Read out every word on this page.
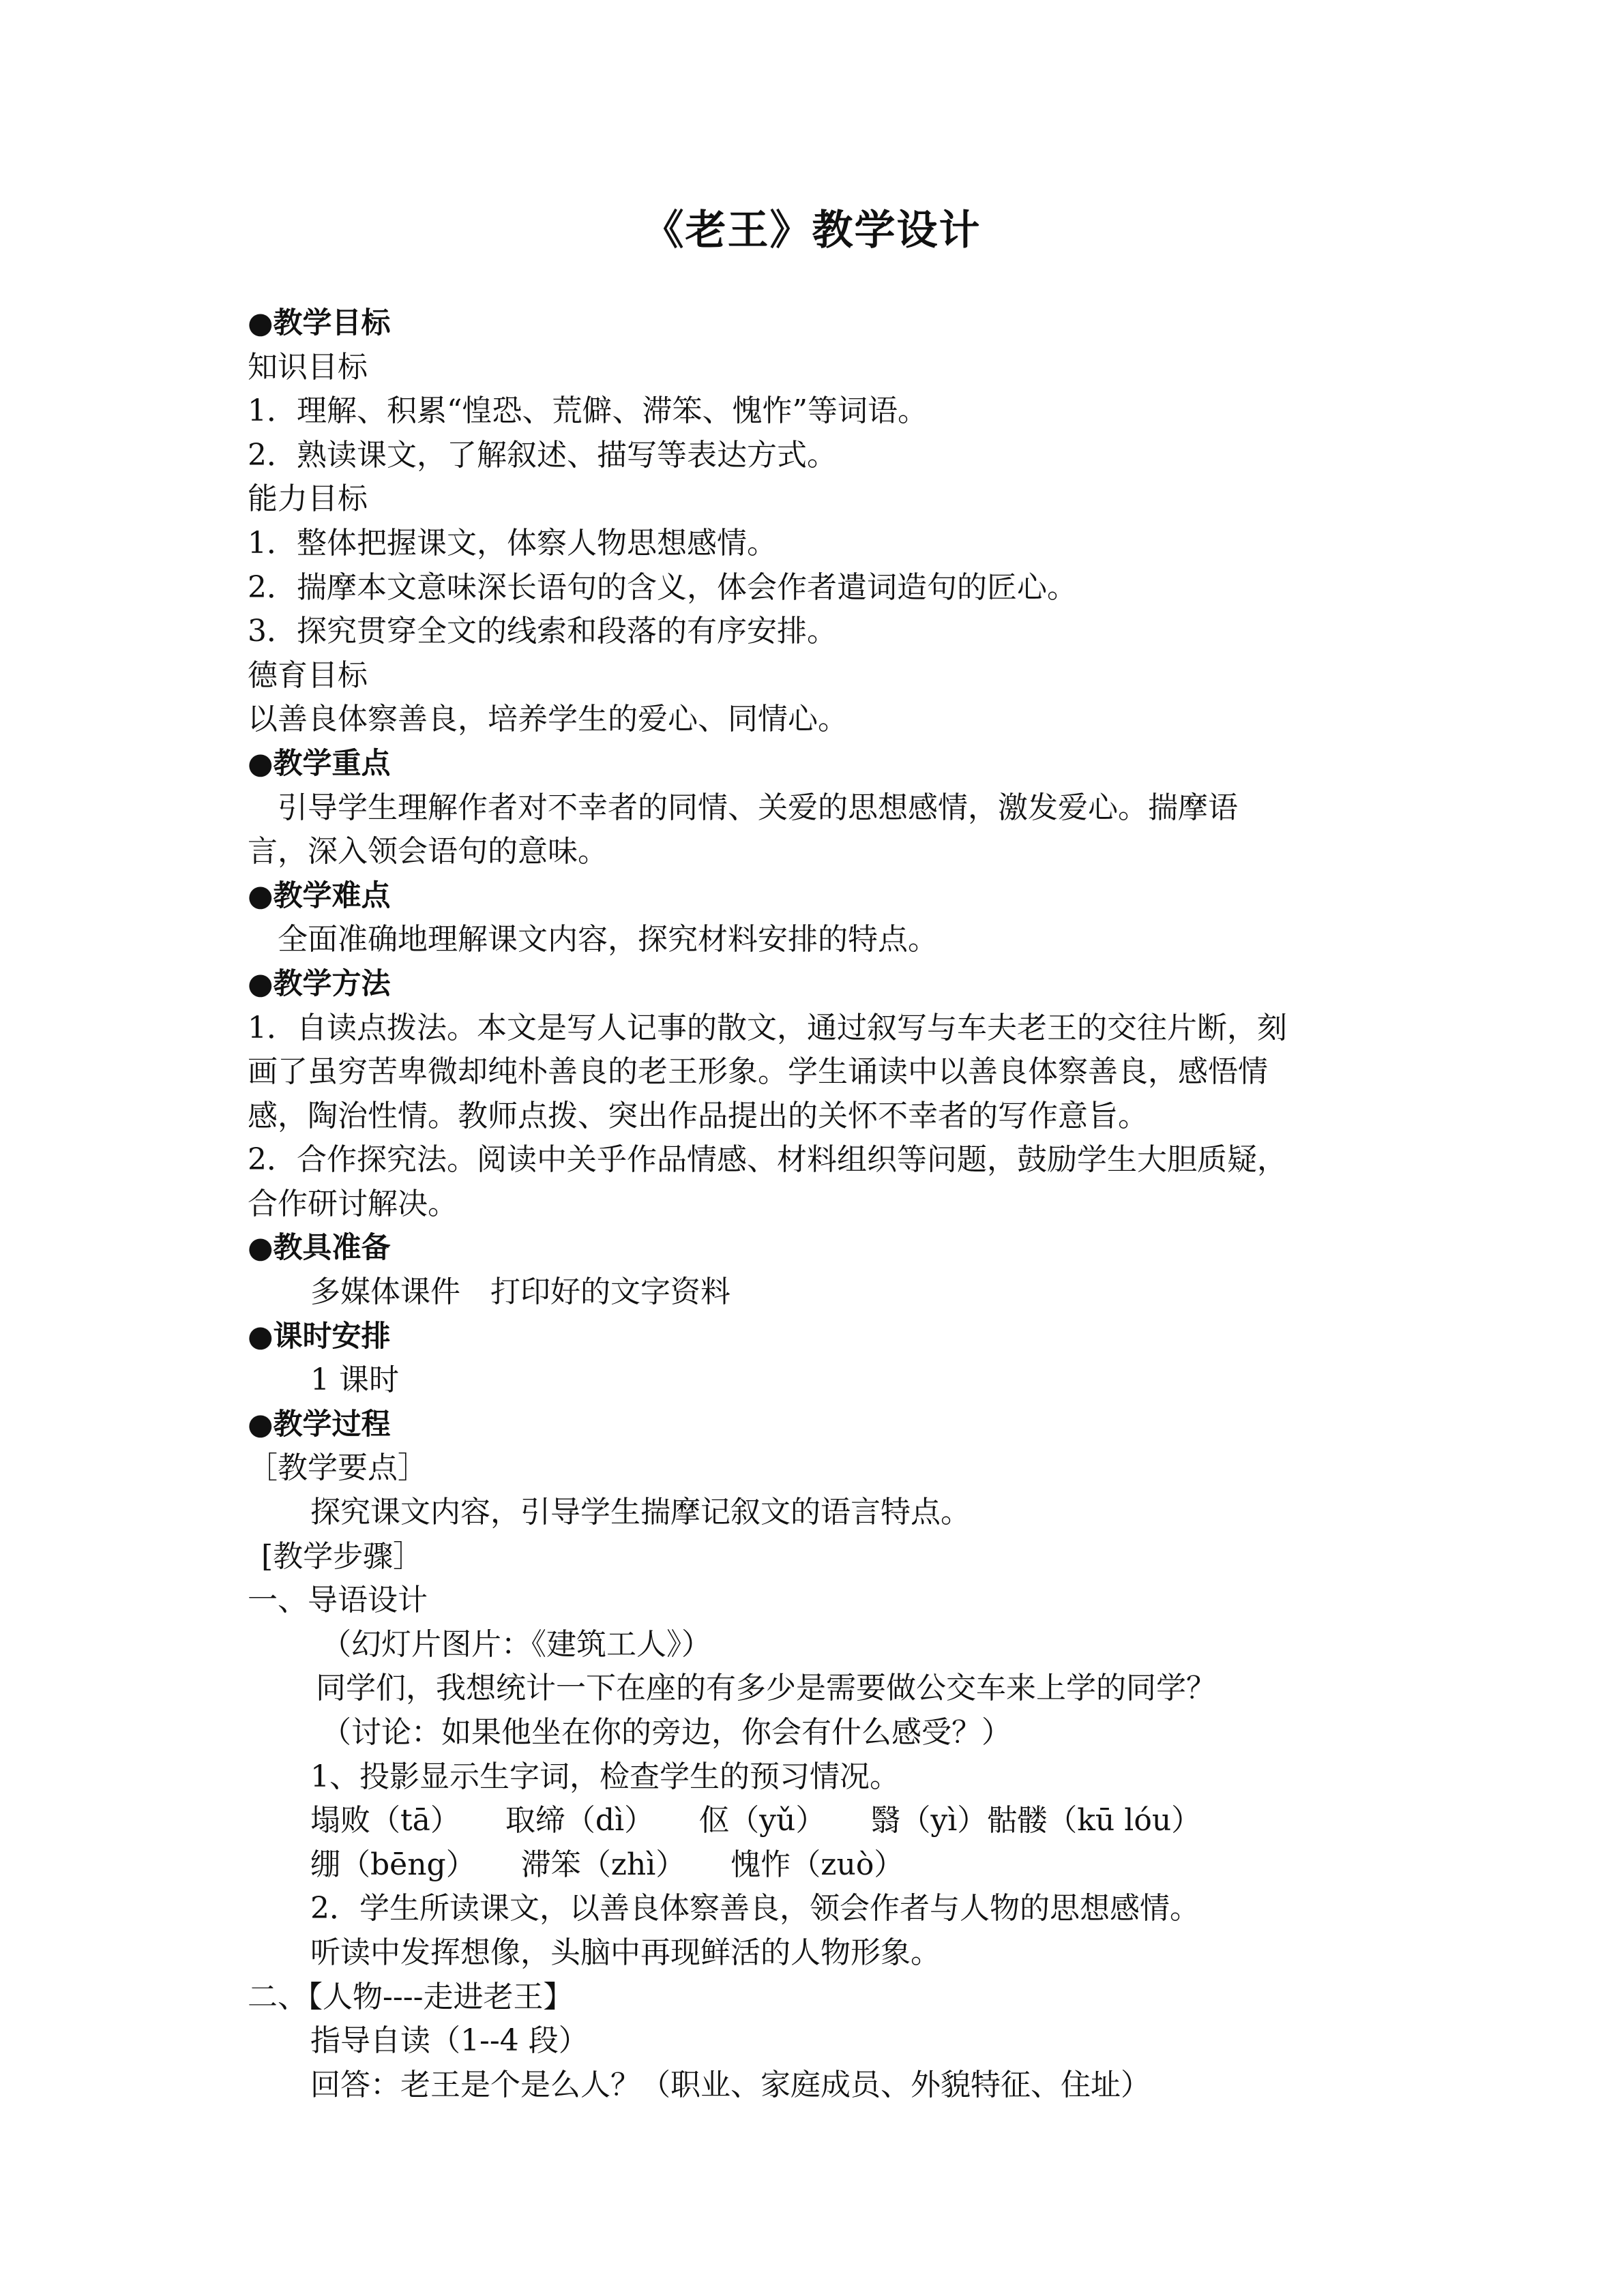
《老王》教学设计
●教学目标
知识目标
1．理解、积累“惶恐、荒僻、滞笨、愧怍”等词语。
2．熟读课文，了解叙述、描写等表达方式。
能力目标
1．整体把握课文，体察人物思想感情。
2．揣摩本文意味深长语句的含义，体会作者遣词造句的匠心。
3．探究贯穿全文的线索和段落的有序安排。
德育目标
以善良体察善良，培养学生的爱心、同情心。
●教学重点
引导学生理解作者对不幸者的同情、关爱的思想感情，激发爱心。揣摩语
言，深入领会语句的意味。
●教学难点
全面准确地理解课文内容，探究材料安排的特点。
●教学方法
1．自读点拨法。本文是写人记事的散文，通过叙写与车夫老王的交往片断，刻
画了虽穷苦卑微却纯朴善良的老王形象。学生诵读中以善良体察善良，感悟情
感，陶治性情。教师点拨、突出作品提出的关怀不幸者的写作意旨。
2．合作探究法。阅读中关乎作品情感、材料组织等问题，鼓励学生大胆质疑，
合作研讨解决。
●教具准备
多媒体课件　打印好的文字资料
●课时安排
1 课时
●教学过程
［教学要点］
探究课文内容，引导学生揣摩记叙文的语言特点。
[教学步骤］
一、导语设计
（幻灯片图片：《建筑工人》）
同学们，我想统计一下在座的有多少是需要做公交车来上学的同学？
（讨论：如果他坐在你的旁边，你会有什么感受？）
1、投影显示生字词，检查学生的预习情况。
塌败（tā）　　取缔（dì）　　伛（yǔ）　　翳（yì）骷髅（kū lóu）
绷（bēng）　　滞笨（zhì）　　愧怍（zuò）
2．学生所读课文，以善良体察善良，领会作者与人物的思想感情。
听读中发挥想像，头脑中再现鲜活的人物形象。
二、【人物----走进老王】
指导自读（1--4 段）
回答：老王是个是么人？（职业、家庭成员、外貌特征、住址）
